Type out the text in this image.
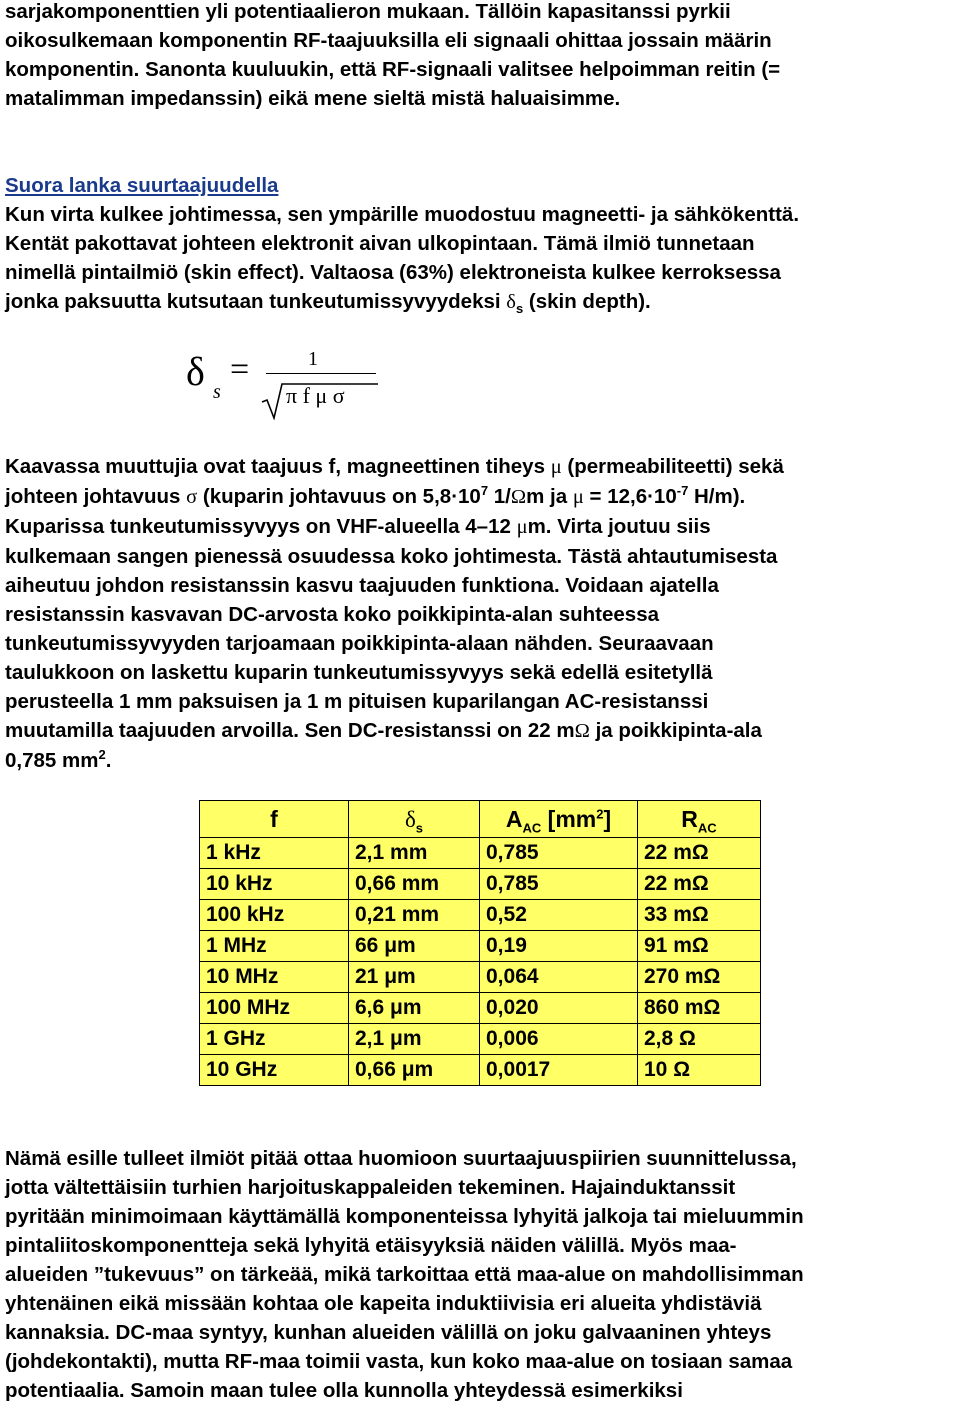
sarjakomponenttien yli potentiaalieron mukaan. Tällöin kapasitanssi pyrkii
oikosulkemaan komponentin RF-taajuuksilla eli signaali ohittaa jossain määrin
komponentin. Sanonta kuuluukin, että RF-signaali valitsee helpoimman reitin (=
matalimman impedanssin) eikä mene sieltä mistä haluaisimme.
Suora lanka suurtaajuudella
Kun virta kulkee johtimessa, sen ympärille muodostuu magneetti- ja sähkökenttä.
Kentät pakottavat johteen elektronit aivan ulkopintaan. Tämä ilmiö tunnetaan
nimellä pintailmiö (skin effect). Valtaosa (63%) elektroneista kulkee kerroksessa
jonka paksuutta kutsutaan tunkeutumissyvyydeksi $\delta_s$ (skin depth).
δ s
=	1
π f μ σ
Kaavassa muuttujia ovat taajuus f, magneettinen tiheys μ (permeabiliteetti) sekä
johteen johtavuus σ (kuparin johtavuus on $5,8\cdot 10^7$ 1/Ωm ja $\mu = 12,6\cdot 10^{-7}$ H/m).
Kuparissa tunkeutumissyvyys on VHF-alueella 4–12 μm. Virta joutuu siis
kulkemaan sangen pienessä osuudessa koko johtimesta. Tästä ahtautumisesta
aiheutuu johdon resistanssin kasvu taajuuden funktiona. Voidaan ajatella
resistanssin kasvavan DC-arvosta koko poikkipinta-alan suhteessa
tunkeutumissyvyyden tarjoamaan poikkipinta-alaan nähden. Seuraavaan
taulukkoon on laskettu kuparin tunkeutumissyvyys sekä edellä esitetyllä
perusteella 1 mm paksuisen ja 1 m pituisen kuparilangan AC-resistanssi
muutamilla taajuuden arvoilla. Sen DC-resistanssi on 22 mΩ ja poikkipinta-ala
0,785 $mm^2$.
f	$\delta_s$	$A_{AC}$ $[mm^2]$	$R_{AC}$
1 kHz	2,1 mm	0,785	22 mΩ
10 kHz	0,66 mm	0,785	22 mΩ
100 kHz	0,21 mm	0,52	33 mΩ
1 MHz	66 μm	0,19	91 mΩ
10 MHz	21 μm	0,064	270 mΩ
100 MHz	6,6 μm	0,020	860 mΩ
1 GHz	2,1 μm	0,006	2,8 Ω
10 GHz	0,66 μm	0,0017	10 Ω
Nämä esille tulleet ilmiöt pitää ottaa huomioon suurtaajuuspiirien suunnittelussa,
jotta vältettäisiin turhien harjoituskappaleiden tekeminen. Hajainduktanssit
pyritään minimoimaan käyttämällä komponenteissa lyhyitä jalkoja tai mieluummin
pintaliitoskomponentteja sekä lyhyitä etäisyyksiä näiden välillä. Myös maa-
alueiden ”tukevuus” on tärkeää, mikä tarkoittaa että maa-alue on mahdollisimman
yhtenäinen eikä missään kohtaa ole kapeita induktiivisia eri alueita yhdistäviä
kannaksia. DC-maa syntyy, kunhan alueiden välillä on joku galvaaninen yhteys
(johdekontakti), mutta RF-maa toimii vasta, kun koko maa-alue on tosiaan samaa
potentiaalia. Samoin maan tulee olla kunnolla yhteydessä esimerkiksi
